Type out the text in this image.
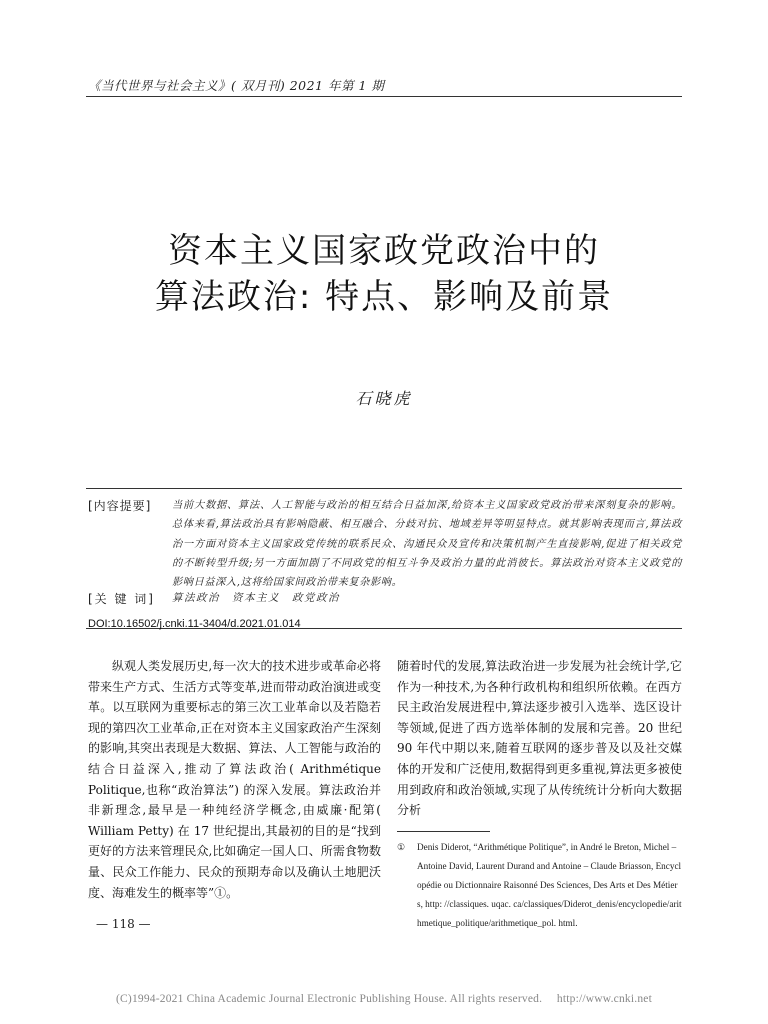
《当代世界与社会主义》( 双月刊) 2021 年第 1 期
资本主义国家政党政治中的
算法政治: 特点、影响及前景
石晓虎
[内容提要] 当前大数据、算法、人工智能与政治的相互结合日益加深,给资本主义国家政党政治带来深刻复杂的影响。总体来看,算法政治具有影响隐蔽、相互融合、分歧对抗、地域差异等明显特点。就其影响表现而言,算法政治一方面对资本主义国家政党传统的联系民众、沟通民众及宣传和决策机制产生直接影响,促进了相关政党的不断转型升级;另一方面加剧了不同政党的相互斗争及政治力量的此消彼长。算法政治对资本主义政党的影响日益深入,这将给国家间政治带来复杂影响。
[关 键 词] 算法政治　资本主义　政党政治
DOI:10.16502/j.cnki.11-3404/d.2021.01.014

纵观人类发展历史,每一次大的技术进步或革命必将带来生产方式、生活方式等变革,进而带动政治演进或变革。以互联网为重要标志的第三次工业革命以及若隐若现的第四次工业革命,正在对资本主义国家政治产生深刻的影响,其突出表现是大数据、算法、人工智能与政治的结合日益深入,推动了算法政治( Arithmétique Politique,也称“政治算法”) 的深入发展。算法政治并非新理念,最早是一种纯经济学概念,由威廉·配第( William Petty) 在 17 世纪提出,其最初的目的是“找到更好的方法来管理民众,比如确定一国人口、所需食物数量、民众工作能力、民众的预期寿命以及确认土地肥沃度、海难发生的概率等”①。

随着时代的发展,算法政治进一步发展为社会统计学,它作为一种技术,为各种行政机构和组织所依赖。在西方民主政治发展进程中,算法逐步被引入选举、选区设计等领域,促进了西方选举体制的发展和完善。20 世纪 90 年代中期以来,随着互联网的逐步普及以及社交媒体的开发和广泛使用,数据得到更多重视,算法更多被使用到政府和政治领域,实现了从传统统计分析向大数据分析

① Denis Diderot, “Arithmétique Politique”, in André le Breton, Michel – Antoine David, Laurent Durand and Antoine – Claude Briasson, Encyclopédie ou Dictionnaire Raisonné Des Sciences, Des Arts et Des Métiers, http: //classiques. uqac. ca/classiques/Diderot_denis/encyclopedie/arithmetique_politique/arithmetique_pol. html.
— 118 —
(C)1994-2021 China Academic Journal Electronic Publishing House. All rights reserved.　 http://www.cnki.net
